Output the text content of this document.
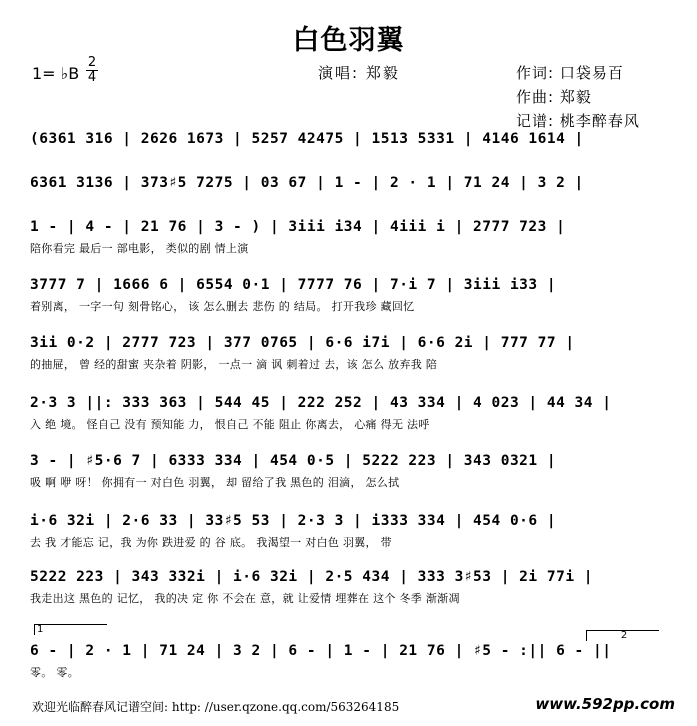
白色羽翼
1= ♭B
2
4	演唱: 郑毅	作词: 口袋易百
作曲: 郑毅
记谱: 桃李醉春风
(6361 316 | 2626 1673 | 5257 42475 | 1513 5331 | 4146 1614 |
6361 3136 | 373♯5 7275 | 03 67 | 1 - | 2 · 1 | 71 24 | 3 2 |
1 - | 4 - | 21 76 | 3 - ) | 3iii i34 | 4iii i | 2777 723 |
陪你看完 最后一 部电影， 类似的剧 情上演
3777 7 | 1666 6 | 6554 0·1 | 7777 76 | 7·i 7 | 3iii i33 |
着别离， 一字一句 刻骨铭心， 该 怎么删去 悲伤 的 结局。 打开我珍 藏回忆
3ii 0·2 | 2777 723 | 377 0765 | 6·6 i7i | 6·6 2i | 777 77 |
的抽屉， 曾 经的甜蜜 夹杂着 阴影， 一点一 滴 讽 刺着过 去，该 怎么 放弃我 陪
2·3 3 ||: 333 363 | 544 45 | 222 252 | 43 334 | 4 023 | 44 34 |
入 绝 境。 怪自己 没有 预知能 力， 恨自己 不能 阻止 你离去， 心痛 得无 法呼
3 - | ♯5·6 7 | 6333 334 | 454 0·5 | 5222 223 | 343 0321 |
吸 啊 咿 呀！ 你拥有一 对白色 羽翼， 却 留给了我 黑色的 泪滴， 怎么拭
i·6 32i | 2·6 33 | 33♯5 53 | 2·3 3 | i333 334 | 454 0·6 |
去 我 才能忘 记，我 为你 跌进爱 的 谷 底。 我渴望一 对白色 羽翼， 带
5222 223 | 343 332i | i·6 32i | 2·5 434 | 333 3♯53 | 2i 77i |
我走出这 黑色的 记忆， 我的决 定 你 不会在 意，就 让爱情 埋葬在 这个 冬季 渐渐凋
1
2
6 - | 2 · 1 | 71 24 | 3 2 | 6 - | 1 - | 21 76 | ♯5 - :|| 6 - ||
零。 零。
欢迎光临醉春风记谱空间: http: //user.qzone.qq.com/563264185	www.592pp.com
